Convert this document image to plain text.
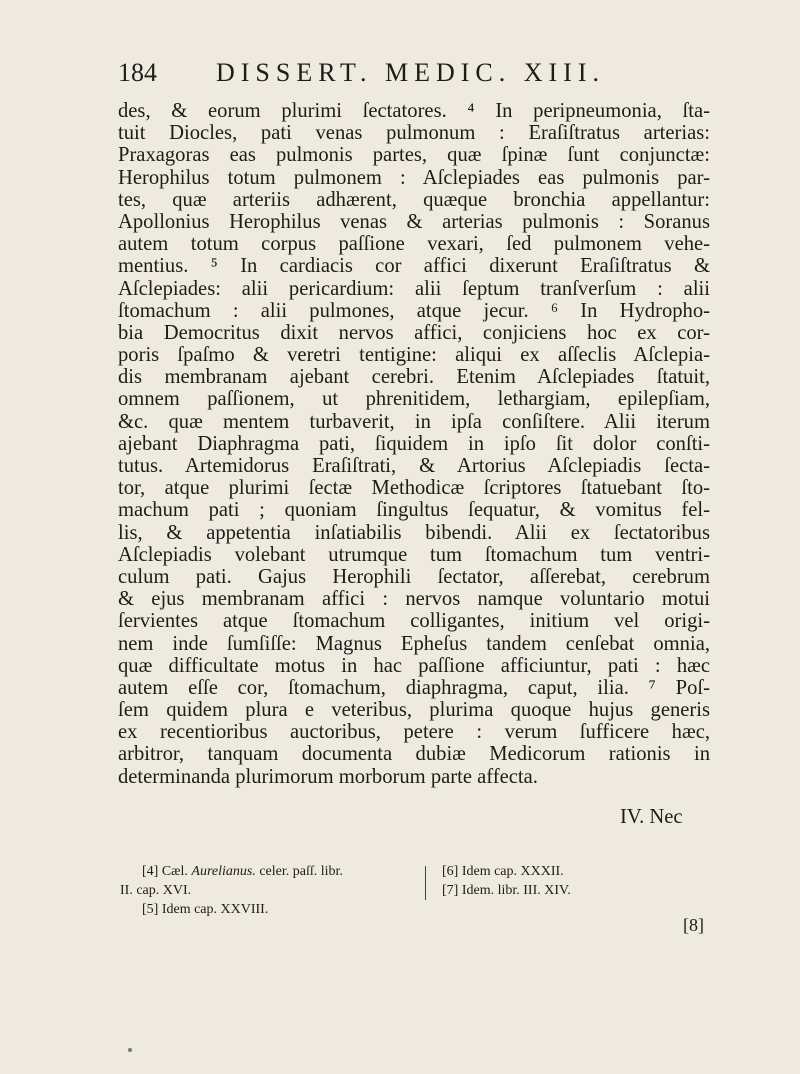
184 DISSERT. MEDIC. XIII.
des, & eorum plurimi ſectatores. ⁴ In peripneumonia, ſta-
tuit Diocles, pati venas pulmonum : Eraſiſtratus arterias:
Praxagoras eas pulmonis partes, quæ ſpinæ ſunt conjunctæ:
Herophilus totum pulmonem : Aſclepiades eas pulmonis par-
tes, quæ arteriis adhærent, quæque bronchia appellantur:
Apollonius Herophilus venas & arterias pulmonis : Soranus
autem totum corpus paſſione vexari, ſed pulmonem vehe-
mentius. ⁵ In cardiacis cor affici dixerunt Eraſiſtratus &
Aſclepiades: alii pericardium: alii ſeptum tranſverſum : alii
ſtomachum : alii pulmones, atque jecur. ⁶ In Hydropho-
bia Democritus dixit nervos affici, conjiciens hoc ex cor-
poris ſpaſmo & veretri tentigine: aliqui ex aſſeclis Aſclepia-
dis membranam ajebant cerebri. Etenim Aſclepiades ſtatuit,
omnem paſſionem, ut phrenitidem, lethargiam, epilepſiam,
&c. quæ mentem turbaverit, in ipſa conſiſtere. Alii iterum
ajebant Diaphragma pati, ſiquidem in ipſo ſit dolor conſti-
tutus. Artemidorus Eraſiſtrati, & Artorius Aſclepiadis ſecta-
tor, atque plurimi ſectæ Methodicæ ſcriptores ſtatuebant ſto-
machum pati ; quoniam ſingultus ſequatur, & vomitus fel-
lis, & appetentia inſatiabilis bibendi. Alii ex ſectatoribus
Aſclepiadis volebant utrumque tum ſtomachum tum ventri-
culum pati. Gajus Herophili ſectator, aſſerebat, cerebrum
& ejus membranam affici : nervos namque voluntario motui
ſervientes atque ſtomachum colligantes, initium vel origi-
nem inde ſumſiſſe: Magnus Epheſus tandem cenſebat omnia,
quæ difficultate motus in hac paſſione afficiuntur, pati : hæc
autem eſſe cor, ſtomachum, diaphragma, caput, ilia. ⁷ Poſ-
ſem quidem plura e veteribus, plurima quoque hujus generis
ex recentioribus auctoribus, petere : verum ſufficere hæc,
arbitror, tanquam documenta dubiæ Medicorum rationis in
determinanda plurimorum morborum parte affecta.
IV. Nec
[4] Cæl. Aurelianus. celer. paſſ. libr.
II. cap. XVI.
[5] Idem cap. XXVIII.
[6] Idem cap. XXXII.
[7] Idem. libr. III. XIV.
[8]
